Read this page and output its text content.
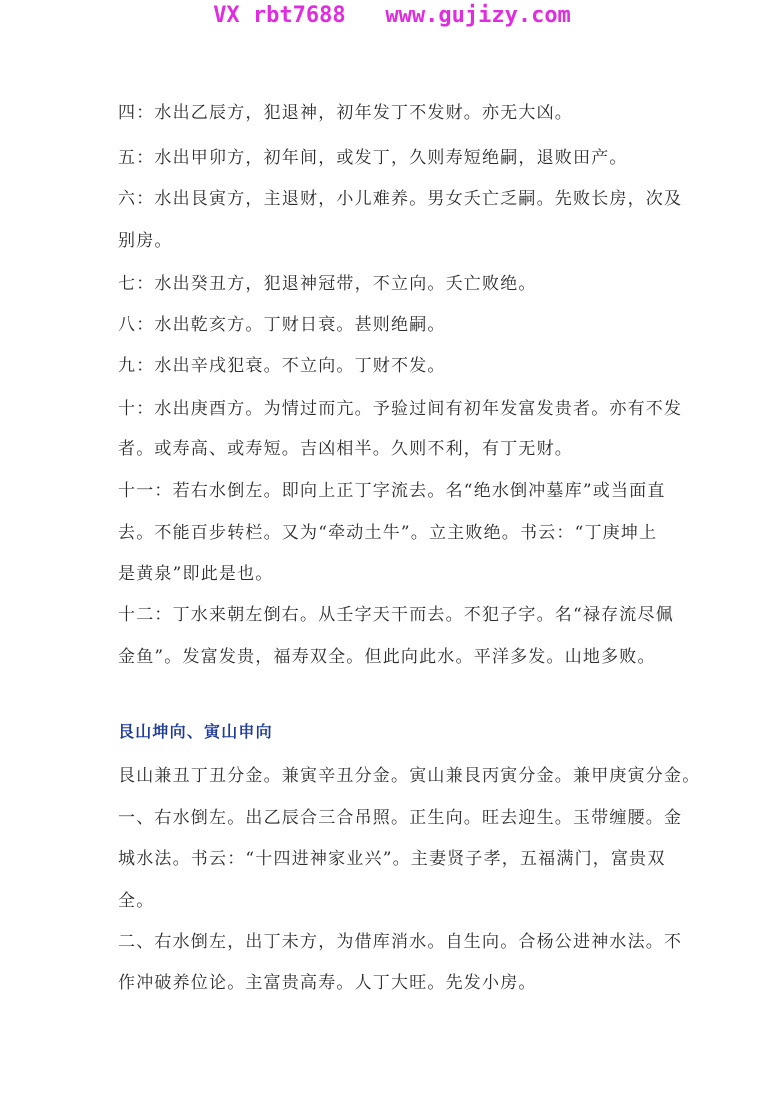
VX rbt7688   www.gujizy.com

四：水出乙辰方，犯退神，初年发丁不发财。亦无大凶。

五：水出甲卯方，初年间，或发丁，久则寿短绝嗣，退败田产。

六：水出艮寅方，主退财，小儿难养。男女夭亡乏嗣。先败长房，次及

别房。

七：水出癸丑方，犯退神冠带，不立向。夭亡败绝。

八：水出乾亥方。丁财日衰。甚则绝嗣。

九：水出辛戌犯衰。不立向。丁财不发。

十：水出庚酉方。为情过而亢。予验过间有初年发富发贵者。亦有不发

者。或寿高、或寿短。吉凶相半。久则不利，有丁无财。

十一：若右水倒左。即向上正丁字流去。名“绝水倒冲墓库”或当面直

去。不能百步转栏。又为“牵动土牛”。立主败绝。书云：“丁庚坤上

是黄泉”即此是也。

十二：丁水来朝左倒右。从壬字天干而去。不犯子字。名“禄存流尽佩

金鱼”。发富发贵，福寿双全。但此向此水。平洋多发。山地多败。

艮山坤向、寅山申向

艮山兼丑丁丑分金。兼寅辛丑分金。寅山兼艮丙寅分金。兼甲庚寅分金。

一、右水倒左。出乙辰合三合吊照。正生向。旺去迎生。玉带缠腰。金

城水法。书云：“十四进神家业兴”。主妻贤子孝，五福满门，富贵双

全。

二、右水倒左，出丁未方，为借库消水。自生向。合杨公进神水法。不

作冲破养位论。主富贵高寿。人丁大旺。先发小房。
